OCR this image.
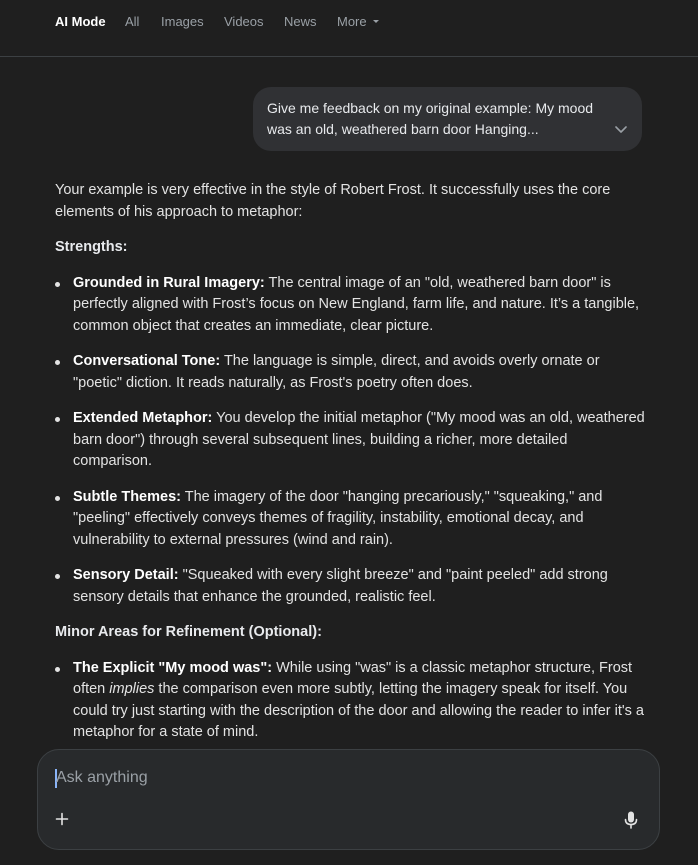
AI Mode All Images Videos News More
Give me feedback on my original example: My mood was an old, weathered barn door Hanging...

Your example is very effective in the style of Robert Frost. It successfully uses the core elements of his approach to metaphor:

Strengths:

Grounded in Rural Imagery: The central image of an "old, weathered barn door" is perfectly aligned with Frost’s focus on New England, farm life, and nature. It’s a tangible, common object that creates an immediate, clear picture.
Conversational Tone: The language is simple, direct, and avoids overly ornate or "poetic" diction. It reads naturally, as Frost's poetry often does.
Extended Metaphor: You develop the initial metaphor ("My mood was an old, weathered barn door") through several subsequent lines, building a richer, more detailed comparison.
Subtle Themes: The imagery of the door "hanging precariously," "squeaking," and "peeling" effectively conveys themes of fragility, instability, emotional decay, and vulnerability to external pressures (wind and rain).
Sensory Detail: "Squeaked with every slight breeze" and "paint peeled" add strong sensory details that enhance the grounded, realistic feel.

Minor Areas for Refinement (Optional):

The Explicit "My mood was": While using "was" is a classic metaphor structure, Frost often implies the comparison even more subtly, letting the imagery speak for itself. You could try just starting with the description of the door and allowing the reader to infer it's a metaphor for a state of mind.
Ask anything
